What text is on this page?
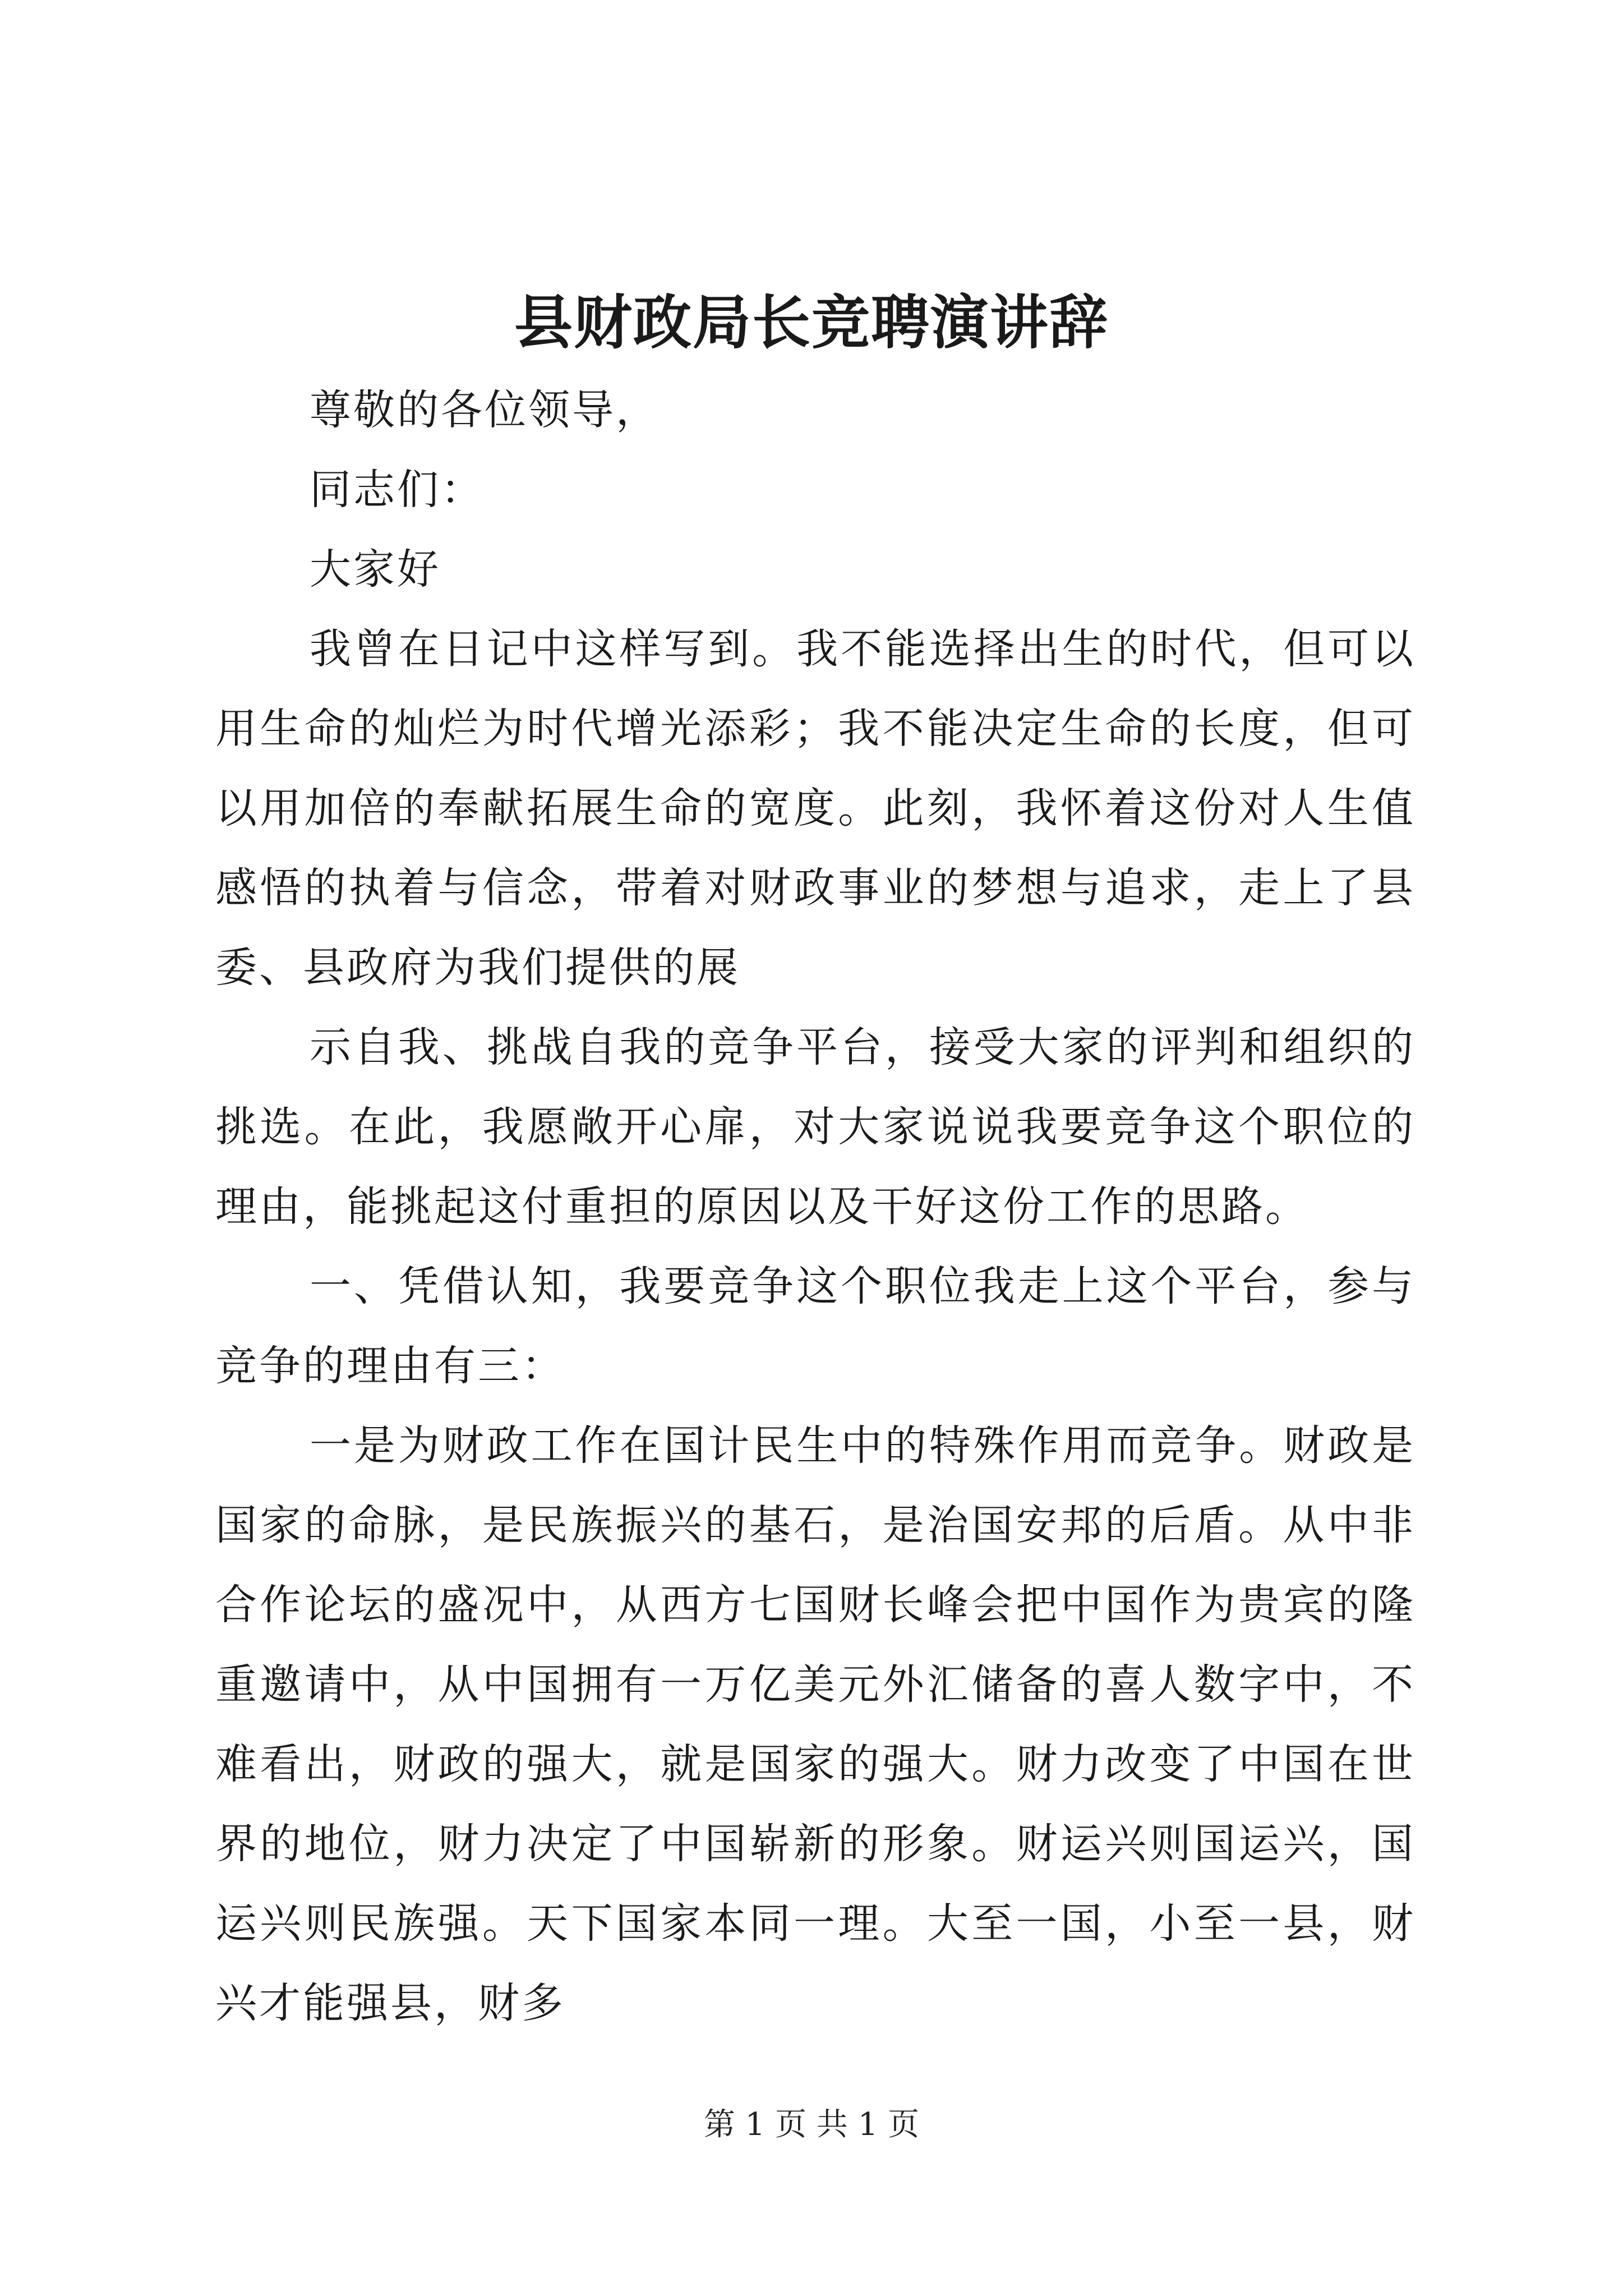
县财政局长竞聘演讲辞

尊敬的各位领导，

同志们：

大家好

我曾在日记中这样写到。我不能选择出生的时代，但可以用生命的灿烂为时代增光添彩；我不能决定生命的长度，但可以用加倍的奉献拓展生命的宽度。此刻，我怀着这份对人生值感悟的执着与信念，带着对财政事业的梦想与追求，走上了县委、县政府为我们提供的展

示自我、挑战自我的竞争平台，接受大家的评判和组织的挑选。在此，我愿敞开心扉，对大家说说我要竞争这个职位的理由，能挑起这付重担的原因以及干好这份工作的思路。

一、凭借认知，我要竞争这个职位我走上这个平台，参与竞争的理由有三：

一是为财政工作在国计民生中的特殊作用而竞争。财政是国家的命脉，是民族振兴的基石，是治国安邦的后盾。从中非合作论坛的盛况中，从西方七国财长峰会把中国作为贵宾的隆重邀请中，从中国拥有一万亿美元外汇储备的喜人数字中，不难看出，财政的强大，就是国家的强大。财力改变了中国在世界的地位，财力决定了中国崭新的形象。财运兴则国运兴，国运兴则民族强。天下国家本同一理。大至一国，小至一县，财兴才能强县，财多

第 1 页 共 1 页
